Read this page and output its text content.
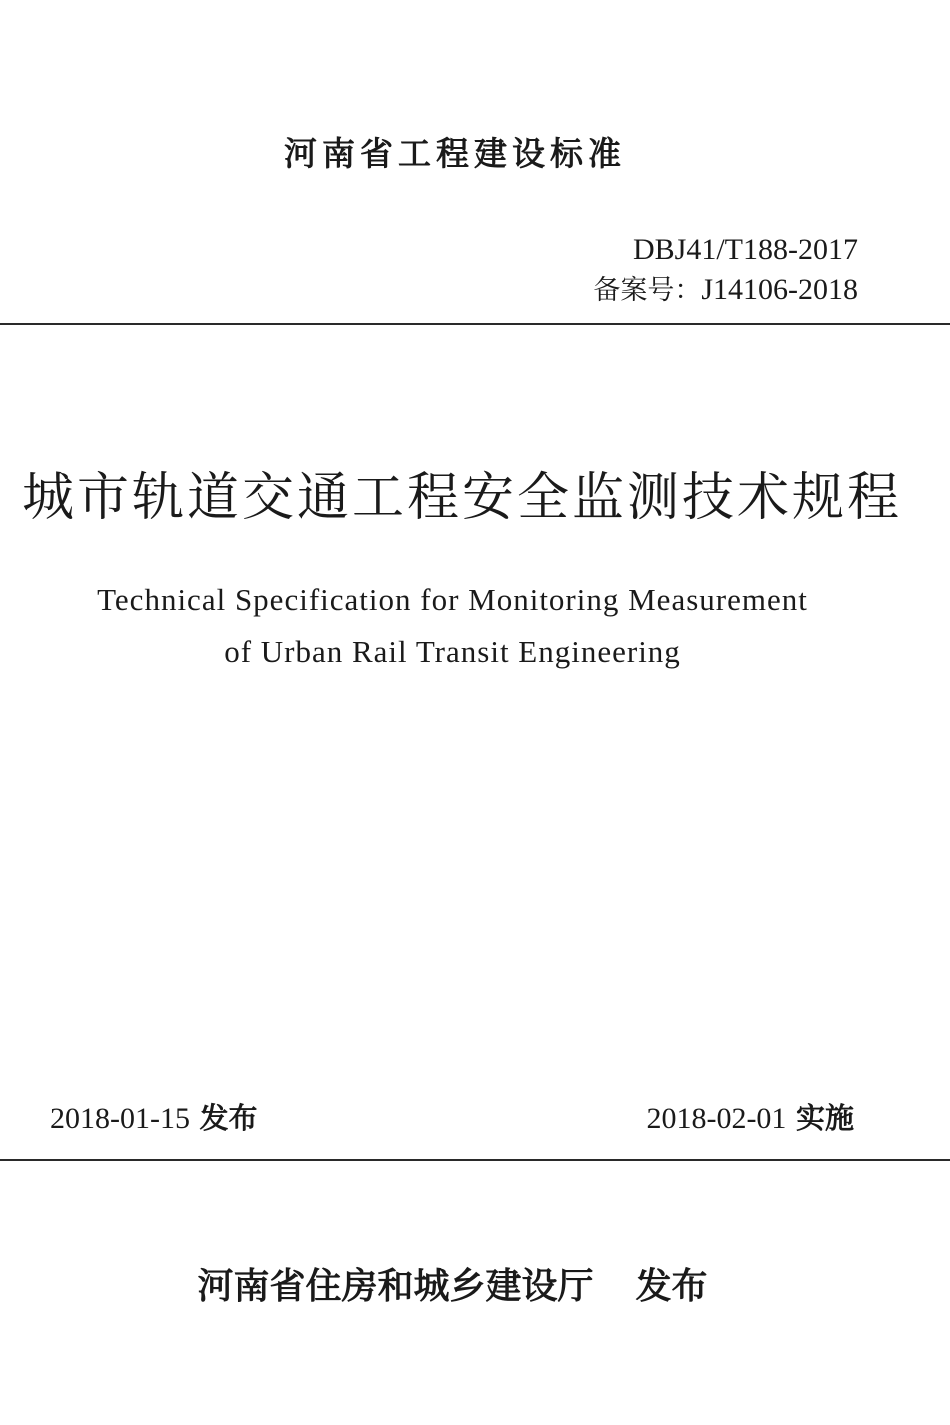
河南省工程建设标准
DBJ41/T188-2017
备案号：J14106-2018
城市轨道交通工程安全监测技术规程
Technical Specification for Monitoring Measurement
of Urban Rail Transit Engineering
2018-01-15 发布	2018-02-01 实施
河南省住房和城乡建设厅 发布
